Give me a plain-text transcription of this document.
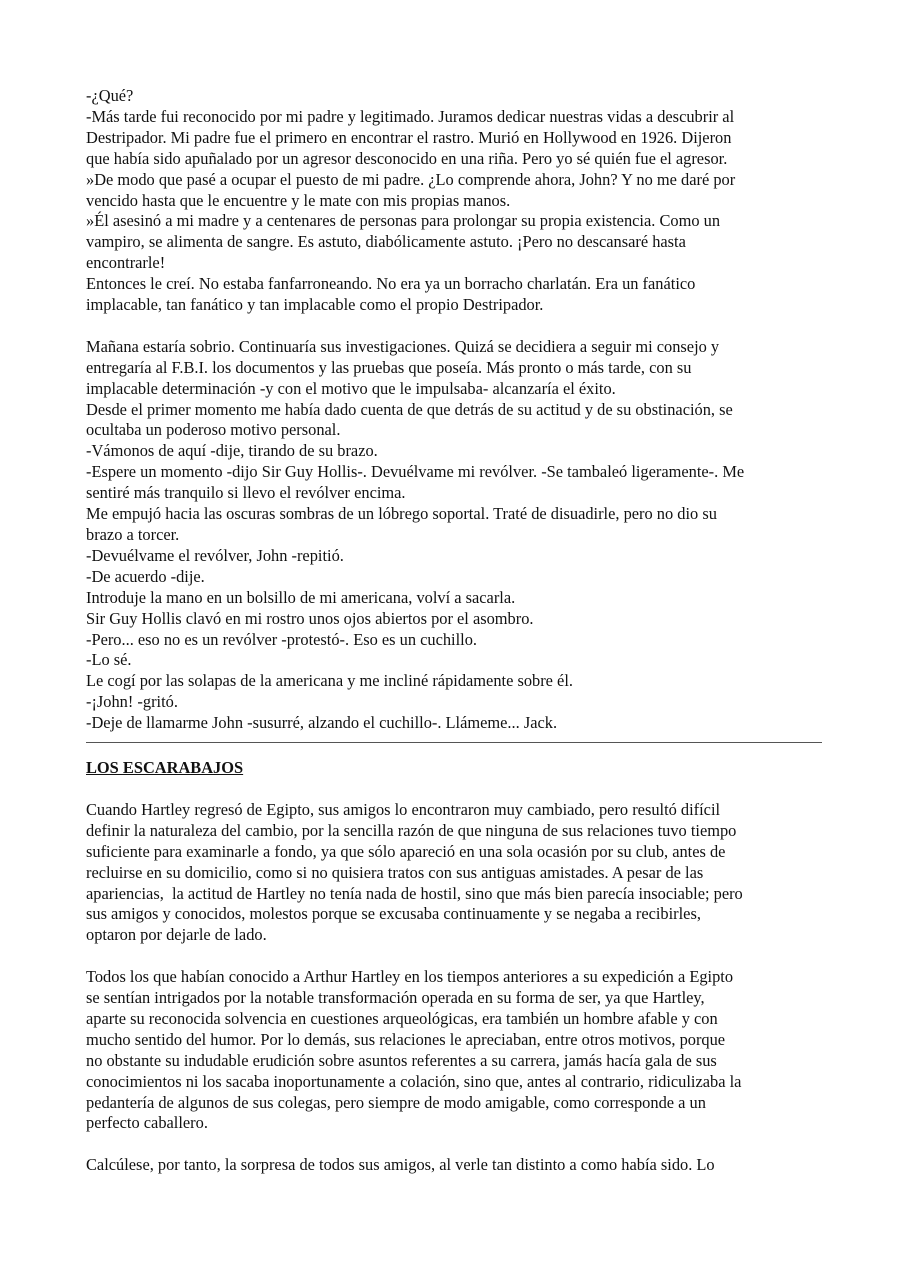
-¿Qué?
-Más tarde fui reconocido por mi padre y legitimado. Juramos dedicar nuestras vidas a descubrir al
Destripador. Mi padre fue el primero en encontrar el rastro. Murió en Hollywood en 1926. Dijeron
que había sido apuñalado por un agresor desconocido en una riña. Pero yo sé quién fue el agresor.
»De modo que pasé a ocupar el puesto de mi padre. ¿Lo comprende ahora, John? Y no me daré por
vencido hasta que le encuentre y le mate con mis propias manos.
»Él asesinó a mi madre y a centenares de personas para prolongar su propia existencia. Como un
vampiro, se alimenta de sangre. Es astuto, diabólicamente astuto. ¡Pero no descansaré hasta
encontrarle!
Entonces le creí. No estaba fanfarroneando. No era ya un borracho charlatán. Era un fanático
implacable, tan fanático y tan implacable como el propio Destripador.
Mañana estaría sobrio. Continuaría sus investigaciones. Quizá se decidiera a seguir mi consejo y
entregaría al F.B.I. los documentos y las pruebas que poseía. Más pronto o más tarde, con su
implacable determinación -y con el motivo que le impulsaba- alcanzaría el éxito.
Desde el primer momento me había dado cuenta de que detrás de su actitud y de su obstinación, se
ocultaba un poderoso motivo personal.
-Vámonos de aquí -dije, tirando de su brazo.
-Espere un momento -dijo Sir Guy Hollis-. Devuélvame mi revólver. -Se tambaleó ligeramente-. Me
sentiré más tranquilo si llevo el revólver encima.
Me empujó hacia las oscuras sombras de un lóbrego soportal. Traté de disuadirle, pero no dio su
brazo a torcer.
-Devuélvame el revólver, John -repitió.
-De acuerdo -dije.
Introduje la mano en un bolsillo de mi americana, volví a sacarla.
Sir Guy Hollis clavó en mi rostro unos ojos abiertos por el asombro.
-Pero... eso no es un revólver -protestó-. Eso es un cuchillo.
-Lo sé.
Le cogí por las solapas de la americana y me incliné rápidamente sobre él.
-¡John! -gritó.
-Deje de llamarme John -susurré, alzando el cuchillo-. Llámeme... Jack.
LOS ESCARABAJOS
Cuando Hartley regresó de Egipto, sus amigos lo encontraron muy cambiado, pero resultó difícil
definir la naturaleza del cambio, por la sencilla razón de que ninguna de sus relaciones tuvo tiempo
suficiente para examinarle a fondo, ya que sólo apareció en una sola ocasión por su club, antes de
recluirse en su domicilio, como si no quisiera tratos con sus antiguas amistades. A pesar de las
apariencias,  la actitud de Hartley no tenía nada de hostil, sino que más bien parecía insociable; pero
sus amigos y conocidos, molestos porque se excusaba continuamente y se negaba a recibirles,
optaron por dejarle de lado.
Todos los que habían conocido a Arthur Hartley en los tiempos anteriores a su expedición a Egipto
se sentían intrigados por la notable transformación operada en su forma de ser, ya que Hartley,
aparte su reconocida solvencia en cuestiones arqueológicas, era también un hombre afable y con
mucho sentido del humor. Por lo demás, sus relaciones le apreciaban, entre otros motivos, porque
no obstante su indudable erudición sobre asuntos referentes a su carrera, jamás hacía gala de sus
conocimientos ni los sacaba inoportunamente a colación, sino que, antes al contrario, ridiculizaba la
pedantería de algunos de sus colegas, pero siempre de modo amigable, como corresponde a un
perfecto caballero.
Calcúlese, por tanto, la sorpresa de todos sus amigos, al verle tan distinto a como había sido. Lo
